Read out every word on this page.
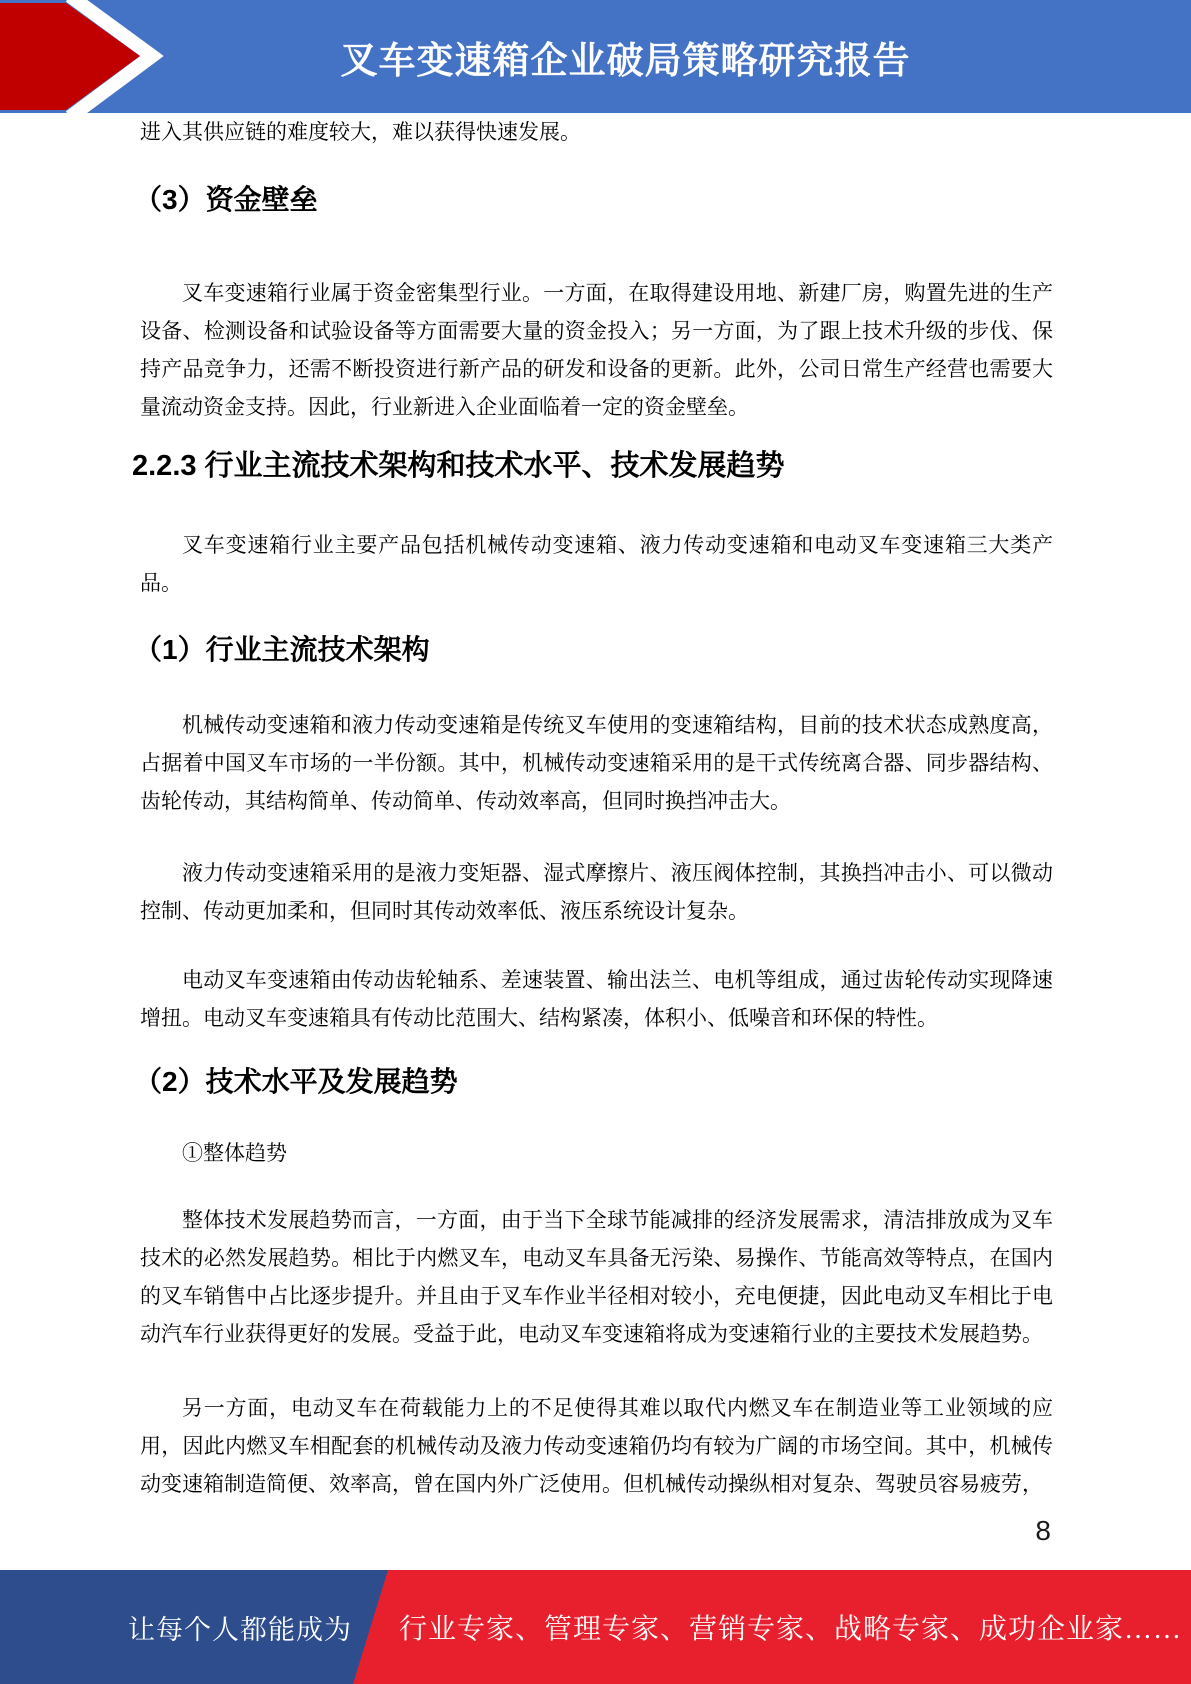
叉车变速箱企业破局策略研究报告

进入其供应链的难度较大，难以获得快速发展。

（3）资金壁垒

叉车变速箱行业属于资金密集型行业。一方面，在取得建设用地、新建厂房，购置先进的生产设备、检测设备和试验设备等方面需要大量的资金投入；另一方面，为了跟上技术升级的步伐、保持产品竞争力，还需不断投资进行新产品的研发和设备的更新。此外，公司日常生产经营也需要大量流动资金支持。因此，行业新进入企业面临着一定的资金壁垒。

2.2.3 行业主流技术架构和技术水平、技术发展趋势

叉车变速箱行业主要产品包括机械传动变速箱、液力传动变速箱和电动叉车变速箱三大类产品。

（1）行业主流技术架构

机械传动变速箱和液力传动变速箱是传统叉车使用的变速箱结构，目前的技术状态成熟度高，占据着中国叉车市场的一半份额。其中，机械传动变速箱采用的是干式传统离合器、同步器结构、齿轮传动，其结构简单、传动简单、传动效率高，但同时换挡冲击大。

液力传动变速箱采用的是液力变矩器、湿式摩擦片、液压阀体控制，其换挡冲击小、可以微动控制、传动更加柔和，但同时其传动效率低、液压系统设计复杂。

电动叉车变速箱由传动齿轮轴系、差速装置、输出法兰、电机等组成，通过齿轮传动实现降速增扭。电动叉车变速箱具有传动比范围大、结构紧凑，体积小、低噪音和环保的特性。

（2）技术水平及发展趋势

①整体趋势

整体技术发展趋势而言，一方面，由于当下全球节能减排的经济发展需求，清洁排放成为叉车技术的必然发展趋势。相比于内燃叉车，电动叉车具备无污染、易操作、节能高效等特点，在国内的叉车销售中占比逐步提升。并且由于叉车作业半径相对较小，充电便捷，因此电动叉车相比于电动汽车行业获得更好的发展。受益于此，电动叉车变速箱将成为变速箱行业的主要技术发展趋势。

另一方面，电动叉车在荷载能力上的不足使得其难以取代内燃叉车在制造业等工业领域的应用，因此内燃叉车相配套的机械传动及液力传动变速箱仍均有较为广阔的市场空间。其中，机械传动变速箱制造简便、效率高，曾在国内外广泛使用。但机械传动操纵相对复杂、驾驶员容易疲劳，

8
让每个人都能成为 行业专家、管理专家、营销专家、战略专家、成功企业家……
